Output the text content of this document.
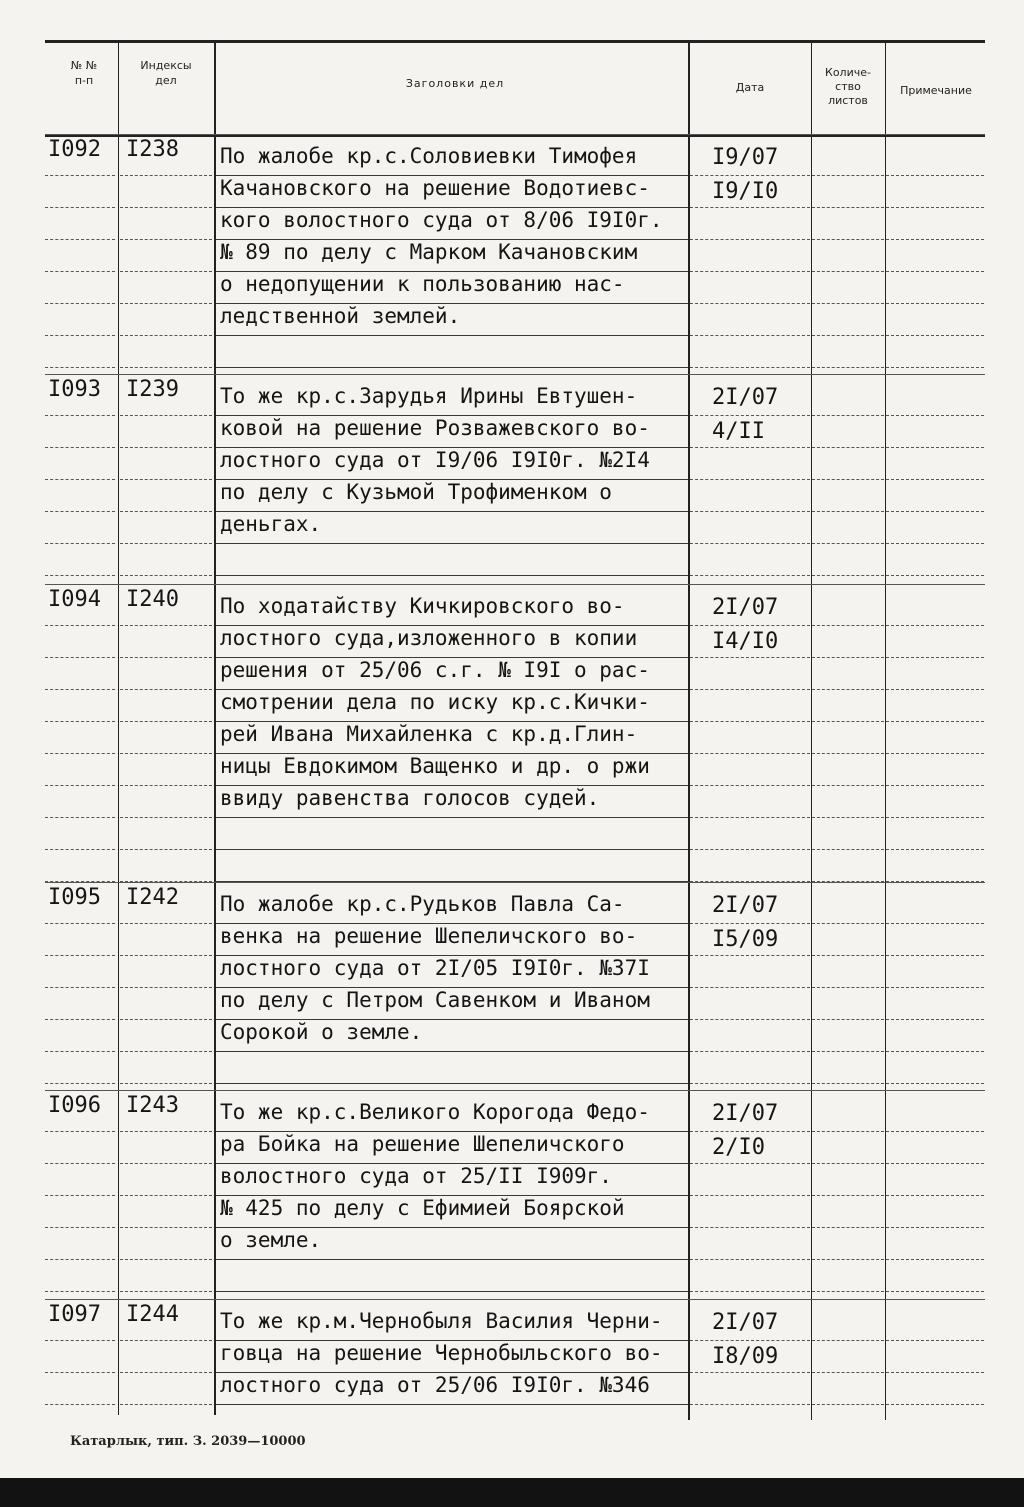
№ №
п-п
Индексы
дел	Заголовки дел	Дата
Количе-
ство
листов
Примечание
I092 I238 По жалобе кр.с.Соловиевки Тимофея
Качановского на решение Водотиевс-
кого волостного суда от 8/06 I9I0г.
№ 89 по делу с Марком Качановским
о недопущении к пользованию нас-
ледственной землей.
I9/07
I9/I0
I093 I239 То же кр.с.Зарудья Ирины Евтушен-
ковой на решение Розважевского во-
лостного суда от I9/06 I9I0г. №2I4
по делу с Кузьмой Трофименком о
деньгах.
2I/07
4/II
I094 I240 По ходатайству Кичкировского во-
лостного суда,изложенного в копии
решения от 25/06 с.г. № I9I о рас-
смотрении дела по иску кр.с.Кички-
рей Ивана Михайленка с кр.д.Глин-
ницы Евдокимом Ващенко и др. о ржи
ввиду равенства голосов судей.
2I/07
I4/I0
I095 I242 По жалобе кр.с.Рудьков Павла Са-
венка на решение Шепеличского во-
лостного суда от 2I/05 I9I0г. №37I
по делу с Петром Савенком и Иваном
Сорокой о земле.
2I/07
I5/09
I096 I243 То же кр.с.Великого Корогода Федо-
ра Бойка на решение Шепеличского
волостного суда от 25/II I909г.
№ 425 по делу с Ефимией Боярской
о земле.
2I/07
2/I0
I097 I244 То же кр.м.Чернобыля Василия Черни-
говца на решение Чернобыльского во-
лостного суда от 25/06 I9I0г. №346
2I/07
I8/09
Катарлык, тип. З. 2039—10000
